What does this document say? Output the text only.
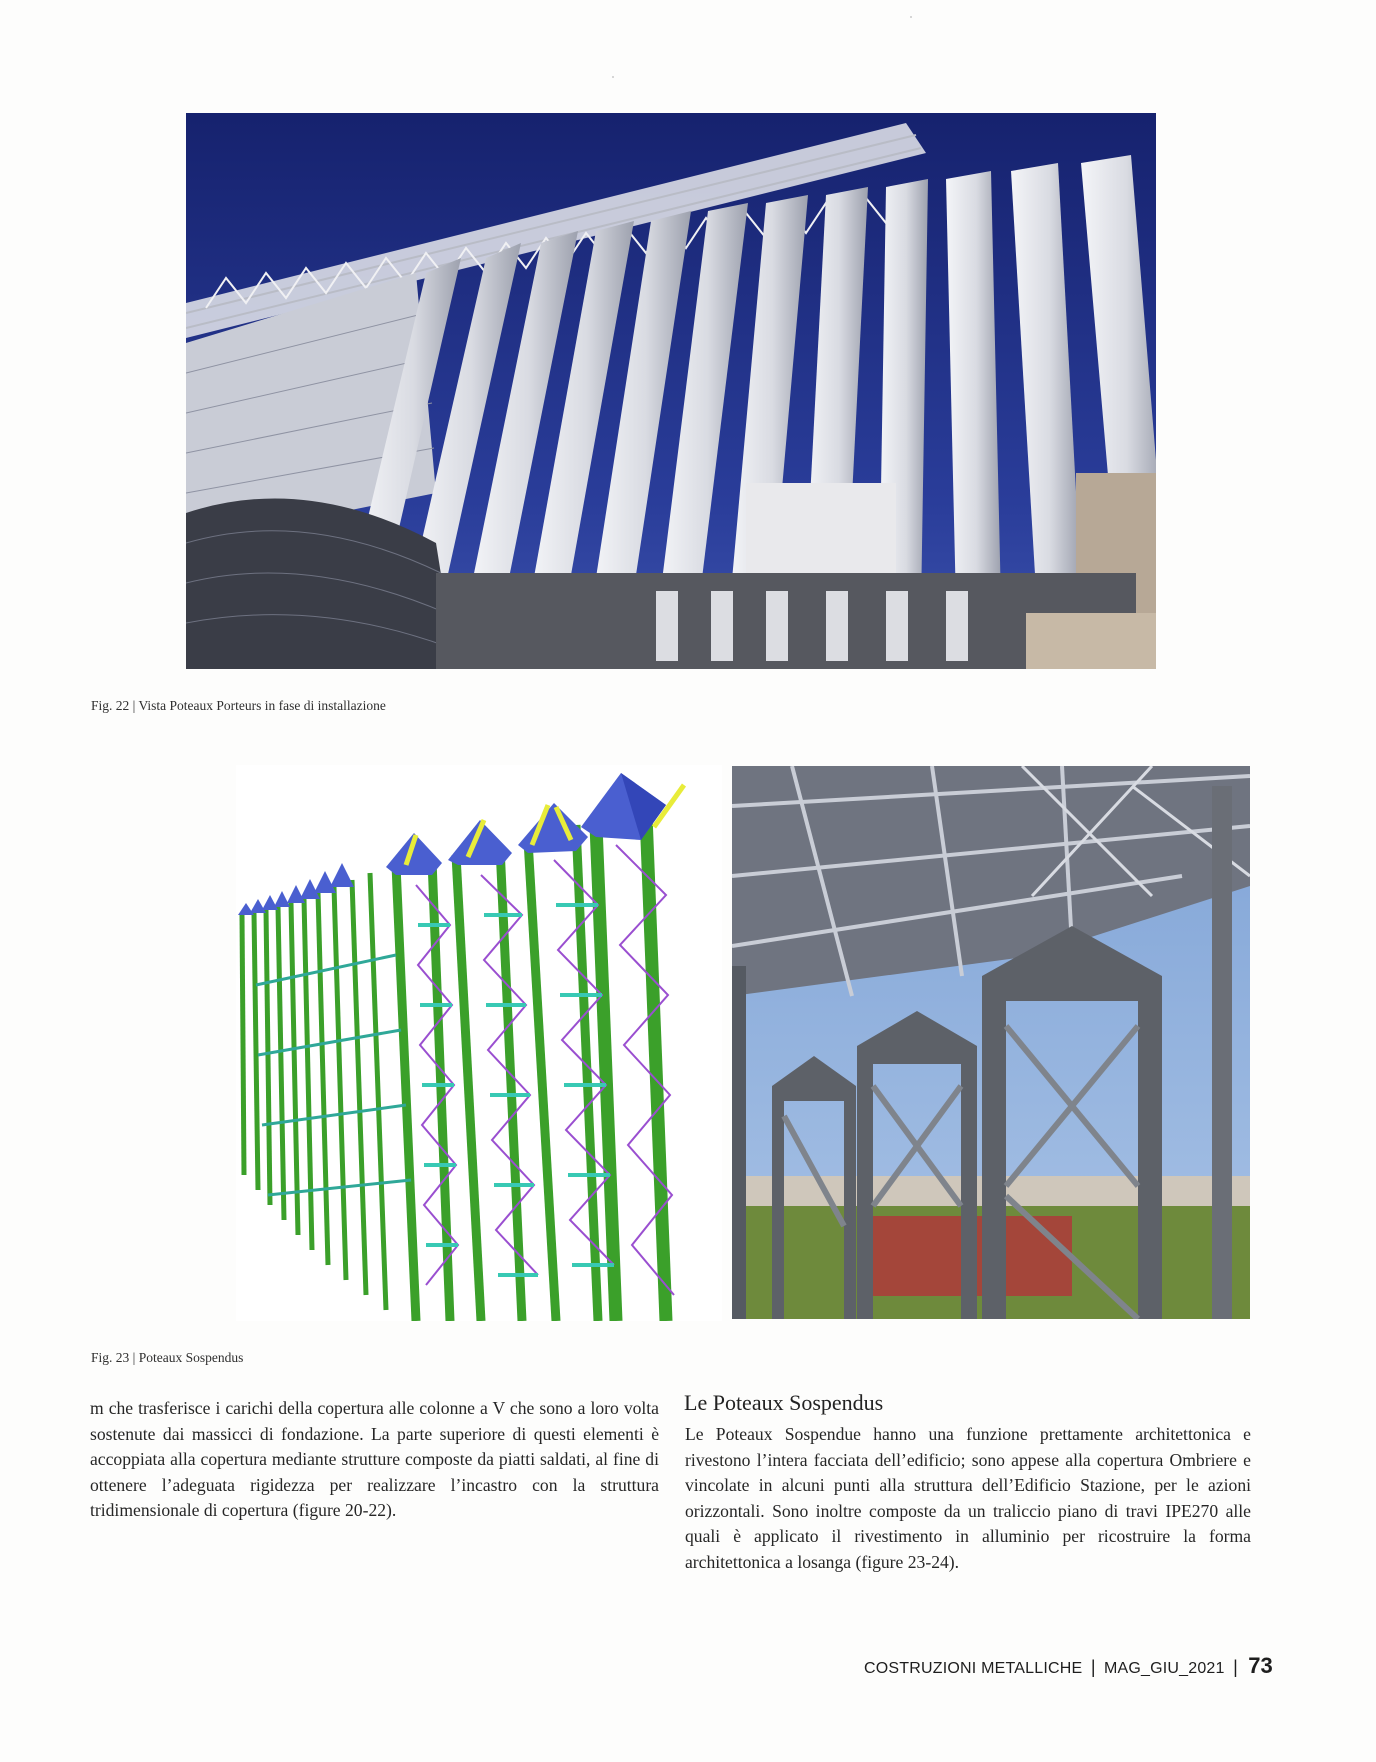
Fig. 22 | Vista Poteaux Porteurs in fase di installazione
Fig. 23 | Poteaux Sospendus
m che trasferisce i carichi della copertura alle colonne a V che sono a loro volta sostenute dai massicci di fondazione. La parte superiore di questi elementi è accoppiata alla copertura mediante strutture composte da piatti saldati, al fine di ottenere l’adeguata rigidezza per realizzare l’incastro con la struttura tridimensionale di copertura (figure 20-22).
Le Poteaux Sospendus
Le Poteaux Sospendue hanno una funzione prettamente architettonica e rivestono l’intera facciata dell’edificio; sono appese alla copertura Ombriere e vincolate in alcuni punti alla struttura dell’Edificio Stazione, per le azioni orizzontali. Sono inoltre composte da un traliccio piano di travi IPE270 alle quali è applicato il rivestimento in alluminio per ricostruire la forma architettonica a losanga (figure 23-24).
COSTRUZIONI METALLICHE | MAG_GIU_2021 | 73
